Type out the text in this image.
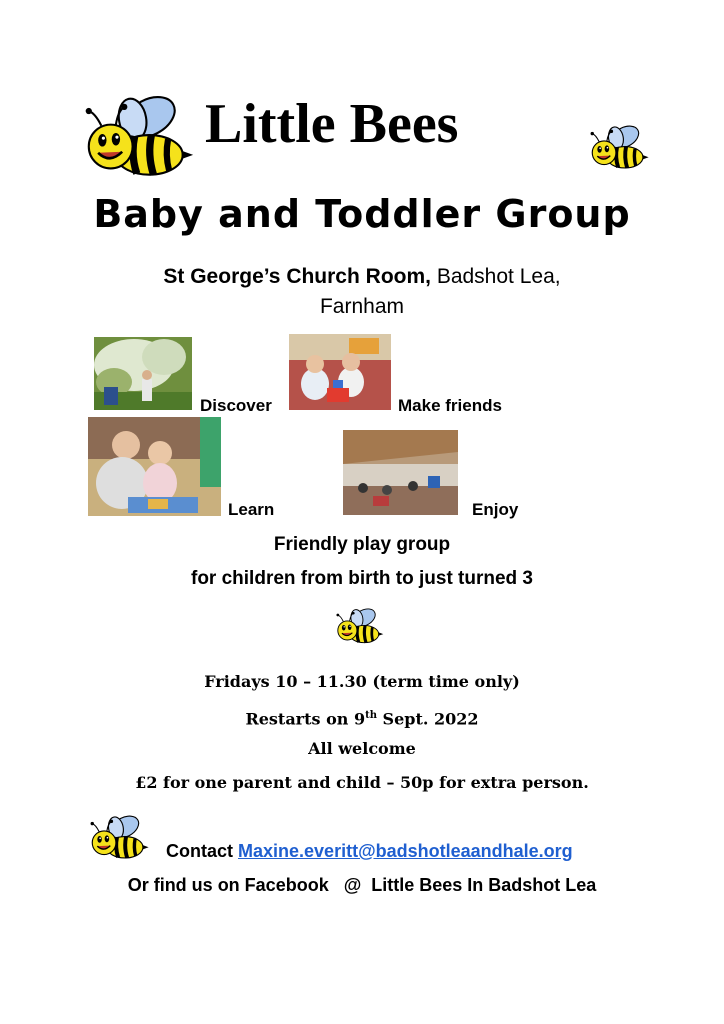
Little Bees
Baby and Toddler Group
St George’s Church Room, Badshot Lea,
Farnham
Discover	Make friends
Learn	Enjoy
Friendly play group
for children from birth to just turned 3
Fridays 10 – 11.30 (term time only)
Restarts on 9th Sept. 2022
All welcome
£2 for one parent and child – 50p for extra person.
Contact Maxine.everitt@badshotleaandhale.org
Or find us on Facebook   @  Little Bees In Badshot Lea
